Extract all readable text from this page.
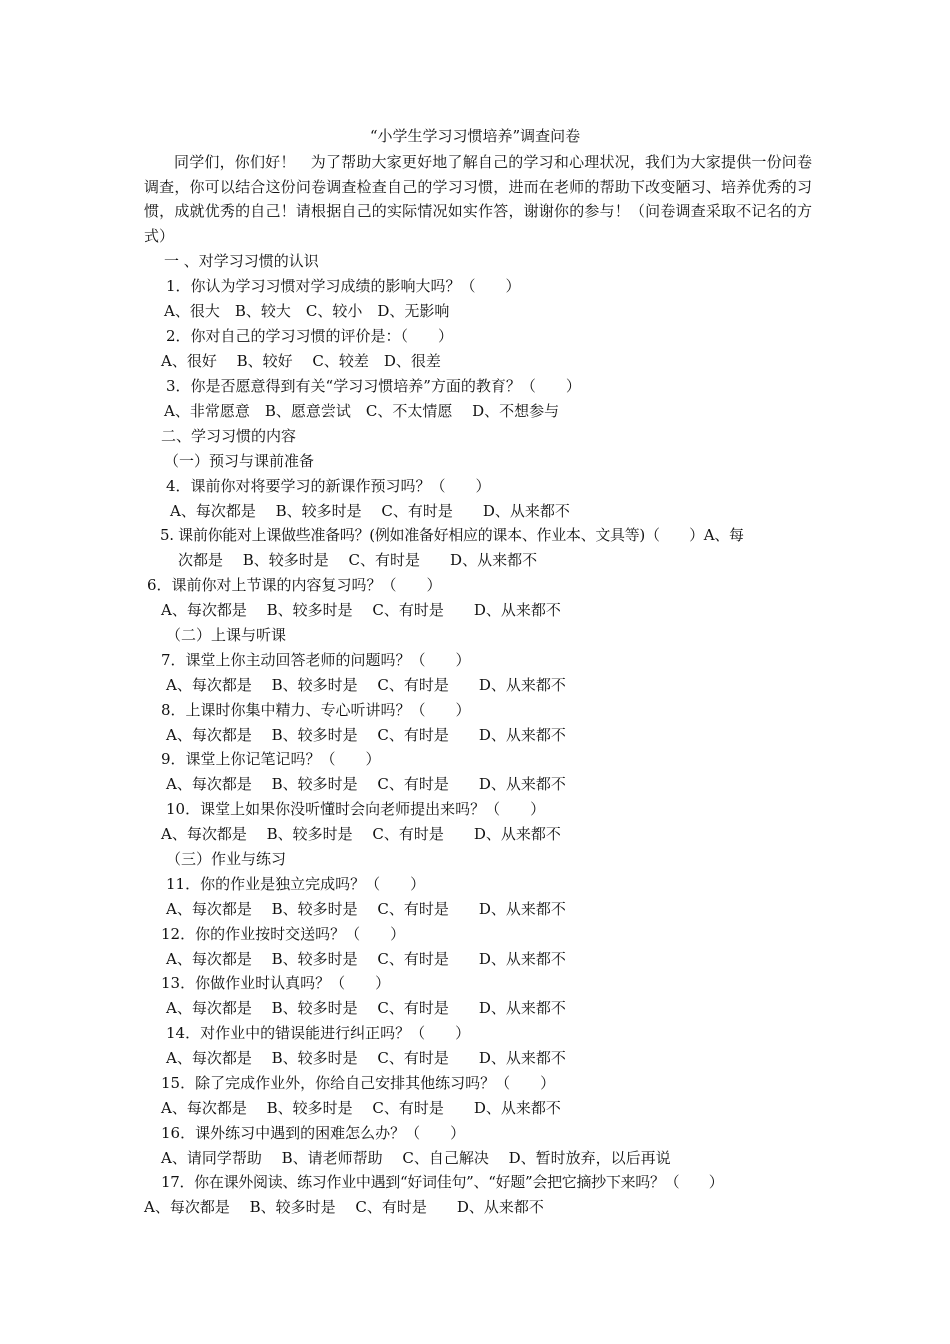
“小学生学习习惯培养”调查问卷
同学们，你们好！　为了帮助大家更好地了解自己的学习和心理状况，我们为大家提供一份问卷调查，你可以结合这份问卷调查检查自己的学习习惯，进而在老师的帮助下改变陋习、培养优秀的习惯，成就优秀的自己！请根据自己的实际情况如实作答，谢谢你的参与！（问卷调查采取不记名的方式）
一 、对学习习惯的认识
1．你认为学习习惯对学习成绩的影响大吗？（　　）
A、很大　B、较大　C、较小　D、无影响
2．你对自己的学习习惯的评价是：（　　）
A、很好　 B、较好　 C、较差　D、很差
3．你是否愿意得到有关“学习习惯培养”方面的教育？（　　）
A、非常愿意　B、愿意尝试　C、不太情愿　 D、不想参与
二、学习习惯的内容
（一）预习与课前准备
4．课前你对将要学习的新课作预习吗？（　　）
A、每次都是　 B、较多时是　 C、有时是　　D、从来都不
5. 课前你能对上课做些准备吗？(例如准备好相应的课本、作业本、文具等)（　　）A、每
次都是　 B、较多时是　 C、有时是　　D、从来都不
6．课前你对上节课的内容复习吗？（　　）
A、每次都是　 B、较多时是　 C、有时是　　D、从来都不
（二）上课与听课
7．课堂上你主动回答老师的问题吗？（　　）
A、每次都是　 B、较多时是　 C、有时是　　D、从来都不
8．上课时你集中精力、专心听讲吗？（　　）
A、每次都是　 B、较多时是　 C、有时是　　D、从来都不
9．课堂上你记笔记吗？（　　）
A、每次都是　 B、较多时是　 C、有时是　　D、从来都不
10．课堂上如果你没听懂时会向老师提出来吗？（　　）
A、每次都是　 B、较多时是　 C、有时是　　D、从来都不
（三）作业与练习
11．你的作业是独立完成吗？（　　）
A、每次都是　 B、较多时是　 C、有时是　　D、从来都不
12．你的作业按时交送吗？（　　）
A、每次都是　 B、较多时是　 C、有时是　　D、从来都不
13．你做作业时认真吗？（　　）
A、每次都是　 B、较多时是　 C、有时是　　D、从来都不
14．对作业中的错误能进行纠正吗？（　　）
A、每次都是　 B、较多时是　 C、有时是　　D、从来都不
15．除了完成作业外，你给自己安排其他练习吗？（　　）
A、每次都是　 B、较多时是　 C、有时是　　D、从来都不
16．课外练习中遇到的困难怎么办？（　　）
A、请同学帮助　 B、请老师帮助　 C、自己解决　 D、暂时放弃，以后再说
17．你在课外阅读、练习作业中遇到“好词佳句”、“好题”会把它摘抄下来吗？（　　）
A、每次都是　 B、较多时是　 C、有时是　　D、从来都不
